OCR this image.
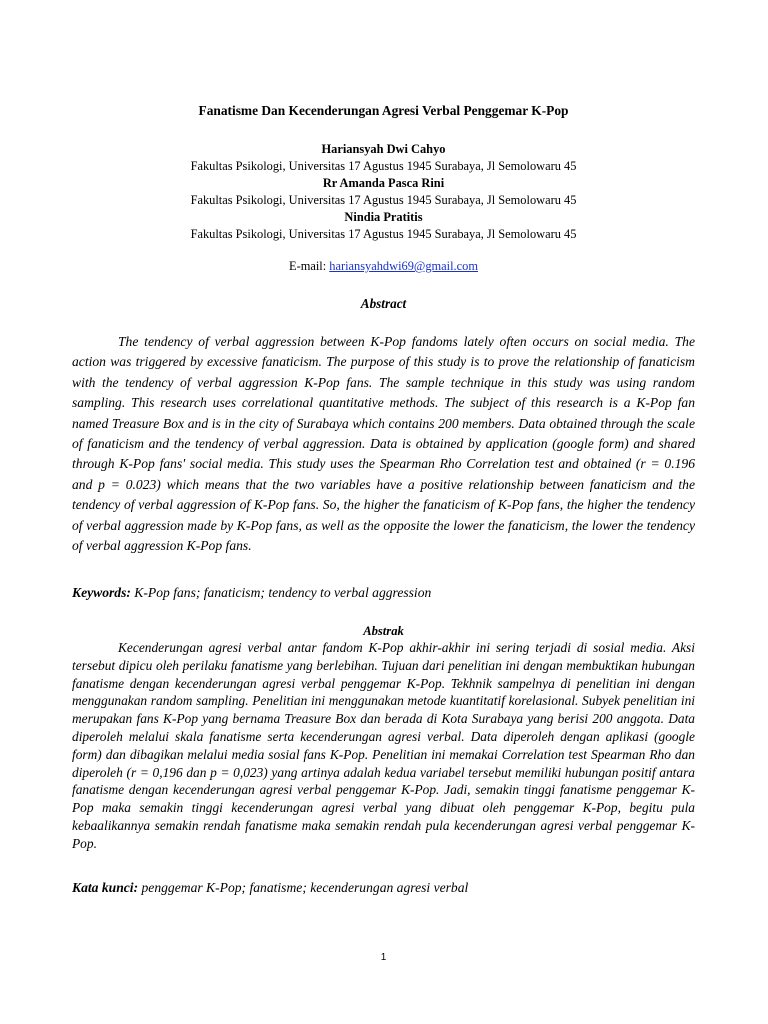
Fanatisme Dan Kecenderungan Agresi Verbal Penggemar K-Pop
Hariansyah Dwi Cahyo
Fakultas Psikologi, Universitas 17 Agustus 1945 Surabaya, Jl Semolowaru 45
Rr Amanda Pasca Rini
Fakultas Psikologi, Universitas 17 Agustus 1945 Surabaya, Jl Semolowaru 45
Nindia Pratitis
Fakultas Psikologi, Universitas 17 Agustus 1945 Surabaya, Jl Semolowaru 45
E-mail: hariansyahdwi69@gmail.com
Abstract

The tendency of verbal aggression between K-Pop fandoms lately often occurs on social media. The action was triggered by excessive fanaticism. The purpose of this study is to prove the relationship of fanaticism with the tendency of verbal aggression K-Pop fans. The sample technique in this study was using random sampling. This research uses correlational quantitative methods. The subject of this research is a K-Pop fan named Treasure Box and is in the city of Surabaya which contains 200 members. Data obtained through the scale of fanaticism and the tendency of verbal aggression. Data is obtained by application (google form) and shared through K-Pop fans' social media. This study uses the Spearman Rho Correlation test and obtained (r = 0.196 and p = 0.023) which means that the two variables have a positive relationship between fanaticism and the tendency of verbal aggression of K-Pop fans. So, the higher the fanaticism of K-Pop fans, the higher the tendency of verbal aggression made by K-Pop fans, as well as the opposite the lower the fanaticism, the lower the tendency of verbal aggression K-Pop fans.

Keywords: K-Pop fans; fanaticism; tendency to verbal aggression

Abstrak

Kecenderungan agresi verbal antar fandom K-Pop akhir-akhir ini sering terjadi di sosial media. Aksi tersebut dipicu oleh perilaku fanatisme yang berlebihan. Tujuan dari penelitian ini dengan membuktikan hubungan fanatisme dengan kecenderungan agresi verbal penggemar K-Pop. Tekhnik sampelnya di penelitian ini dengan menggunakan random sampling. Penelitian ini menggunakan metode kuantitatif korelasional. Subyek penelitian ini merupakan fans K-Pop yang bernama Treasure Box dan berada di Kota Surabaya yang berisi 200 anggota. Data diperoleh melalui skala fanatisme serta kecenderungan agresi verbal. Data diperoleh dengan aplikasi (google form) dan dibagikan melalui media sosial fans K-Pop. Penelitian ini memakai Correlation test Spearman Rho dan diperoleh (r = 0,196 dan p = 0,023) yang artinya adalah kedua variabel tersebut memiliki hubungan positif antara fanatisme dengan kecenderungan agresi verbal penggemar K-Pop. Jadi, semakin tinggi fanatisme penggemar K-Pop maka semakin tinggi kecenderungan agresi verbal yang dibuat oleh penggemar K-Pop, begitu pula kebaalikannya semakin rendah fanatisme maka semakin rendah pula kecenderungan agresi verbal penggemar K-Pop.

Kata kunci: penggemar K-Pop; fanatisme; kecenderungan agresi verbal

1
